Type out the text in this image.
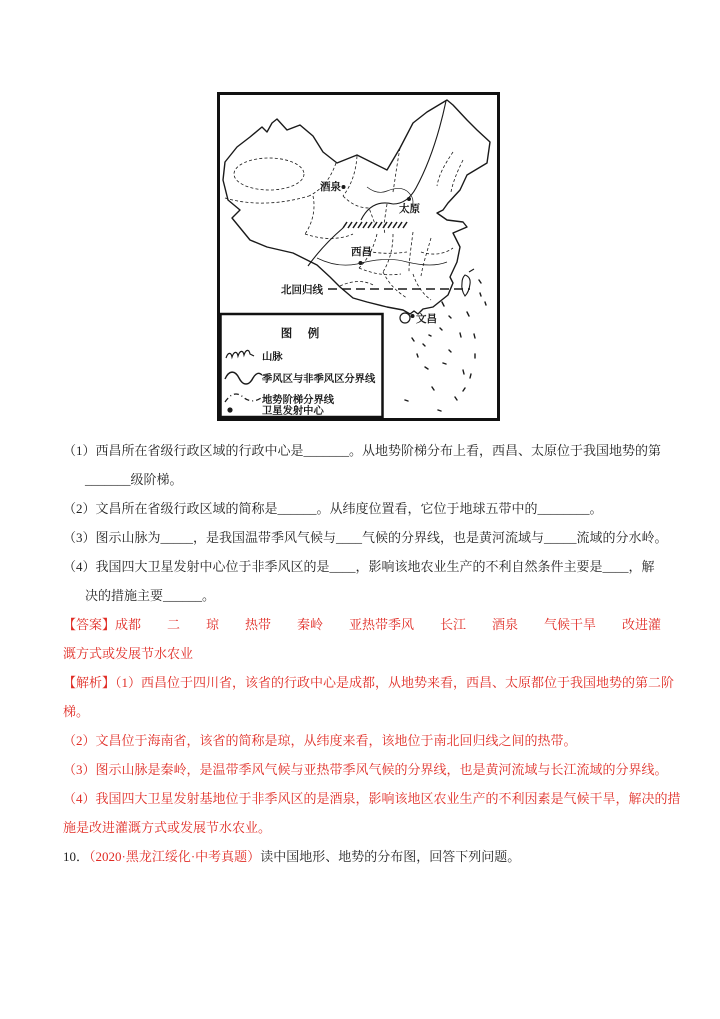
北回归线
酒泉
太原
西昌
文昌
图　例
山脉
季风区与非季风区分界线
地势阶梯分界线
卫星发射中心
（1）西昌所在省级行政区域的行政中心是_______。从地势阶梯分布上看，西昌、太原位于我国地势的第
_______级阶梯。
（2）文昌所在省级行政区域的简称是______。从纬度位置看，它位于地球五带中的________。
（3）图示山脉为_____，是我国温带季风气候与____气候的分界线，也是黄河流域与_____流域的分水岭。
（4）我国四大卫星发射中心位于非季风区的是____，影响该地农业生产的不利自然条件主要是____，解
决的措施主要______。
【答案】成都　　二　　琼　　热带　　秦岭　　亚热带季风　　长江　　酒泉　　气候干旱　　改进灌
溉方式或发展节水农业
【解析】（1）西昌位于四川省，该省的行政中心是成都，从地势来看，西昌、太原都位于我国地势的第二阶梯。
（2）文昌位于海南省，该省的简称是琼，从纬度来看，该地位于南北回归线之间的热带。
（3）图示山脉是秦岭，是温带季风气候与亚热带季风气候的分界线，也是黄河流域与长江流域的分界线。
（4）我国四大卫星发射基地位于非季风区的是酒泉，影响该地区农业生产的不利因素是气候干旱，解决的措施是改进灌溉方式或发展节水农业。
10．（2020·黑龙江绥化·中考真题）读中国地形、地势的分布图，回答下列问题。
